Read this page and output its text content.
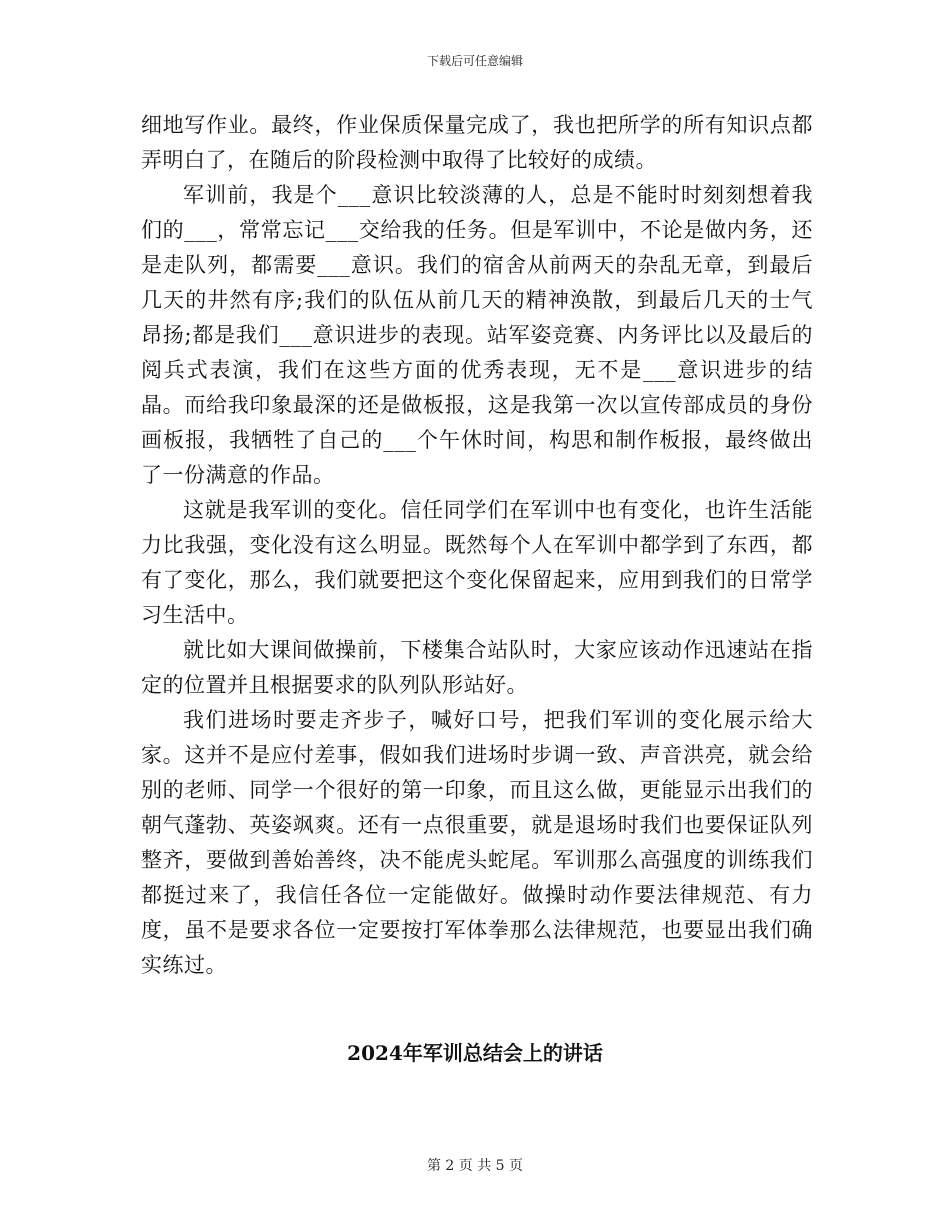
下载后可任意编辑

细地写作业。最终，作业保质保量完成了，我也把所学的所有知识点都弄明白了，在随后的阶段检测中取得了比较好的成绩。

军训前，我是个___意识比较淡薄的人，总是不能时时刻刻想着我们的___，常常忘记___交给我的任务。但是军训中，不论是做内务，还是走队列，都需要___意识。我们的宿舍从前两天的杂乱无章，到最后几天的井然有序;我们的队伍从前几天的精神涣散，到最后几天的士气昂扬;都是我们___意识进步的表现。站军姿竞赛、内务评比以及最后的阅兵式表演，我们在这些方面的优秀表现，无不是___意识进步的结晶。而给我印象最深的还是做板报，这是我第一次以宣传部成员的身份画板报，我牺牲了自己的___个午休时间，构思和制作板报，最终做出了一份满意的作品。

这就是我军训的变化。信任同学们在军训中也有变化，也许生活能力比我强，变化没有这么明显。既然每个人在军训中都学到了东西，都有了变化，那么，我们就要把这个变化保留起来，应用到我们的日常学习生活中。

就比如大课间做操前，下楼集合站队时，大家应该动作迅速站在指定的位置并且根据要求的队列队形站好。

我们进场时要走齐步子，喊好口号，把我们军训的变化展示给大家。这并不是应付差事，假如我们进场时步调一致、声音洪亮，就会给别的老师、同学一个很好的第一印象，而且这么做，更能显示出我们的朝气蓬勃、英姿飒爽。还有一点很重要，就是退场时我们也要保证队列整齐，要做到善始善终，决不能虎头蛇尾。军训那么高强度的训练我们都挺过来了，我信任各位一定能做好。做操时动作要法律规范、有力度，虽不是要求各位一定要按打军体拳那么法律规范，也要显出我们确实练过。

2024年军训总结会上的讲话
第 2 页 共 5 页
